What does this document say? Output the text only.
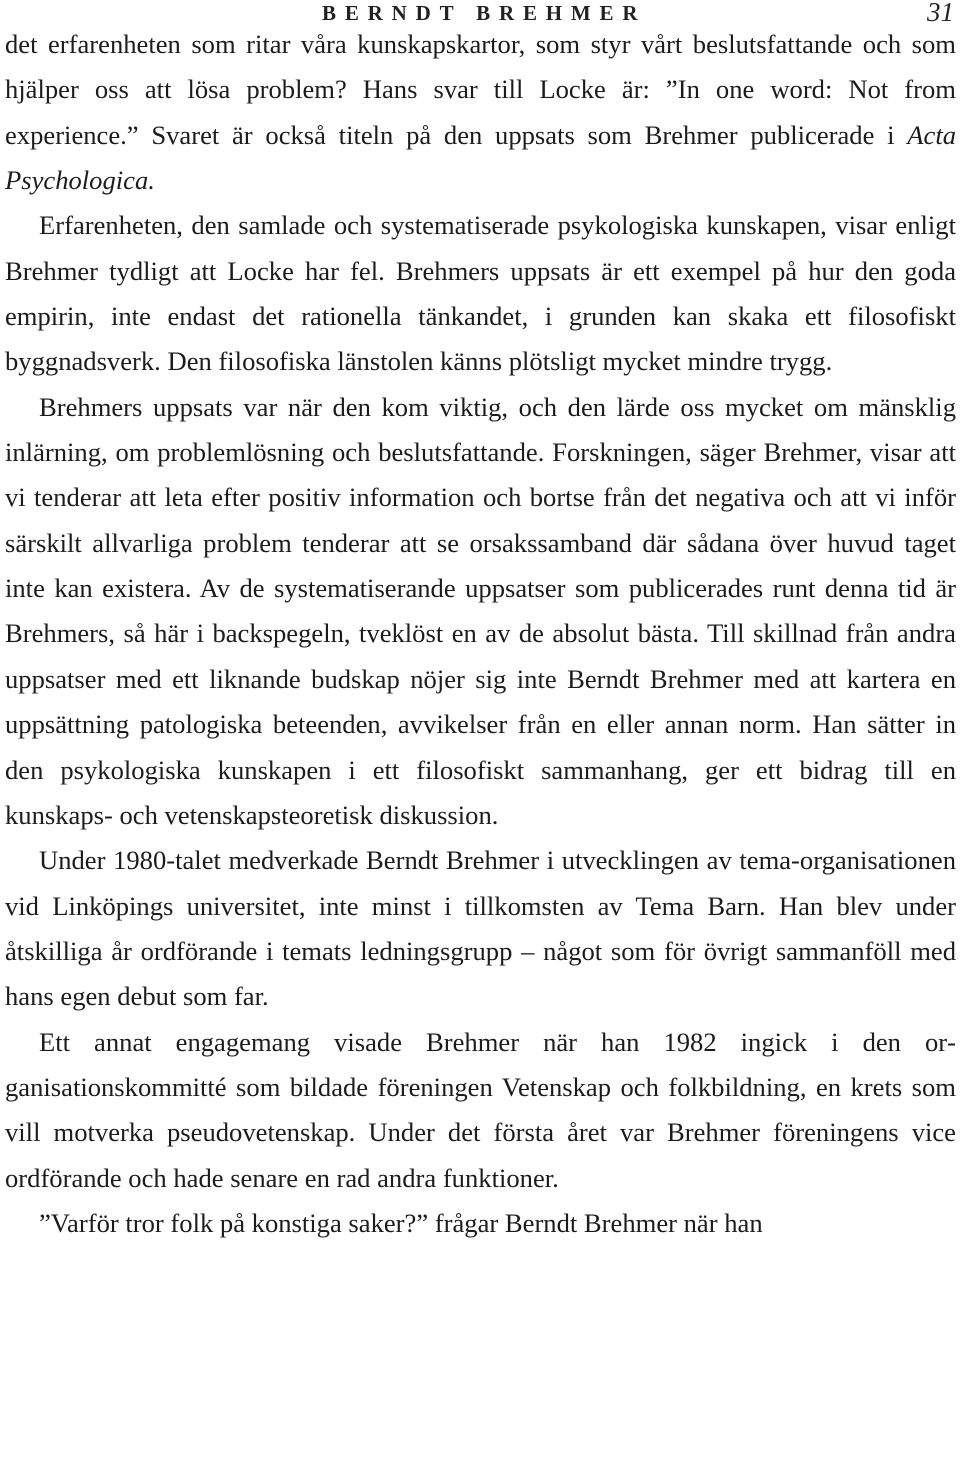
BERNDT BREHMER	31

det erfarenheten som ritar våra kunskapskartor, som styr vårt beslutsfattande och som hjälper oss att lösa problem? Hans svar till Locke är: ”In one word: Not from experience.” Svaret är också titeln på den uppsats som Brehmer publicerade i Acta Psychologica.

Erfarenheten, den samlade och systematiserade psykologiska kunskapen, visar enligt Brehmer tydligt att Locke har fel. Brehmers uppsats är ett exempel på hur den goda empirin, inte endast det rationella tänkandet, i grunden kan skaka ett filosofiskt byggnadsverk. Den filosofiska länstolen känns plötsligt mycket mindre trygg.

Brehmers uppsats var när den kom viktig, och den lärde oss mycket om mänsklig inlärning, om problemlösning och beslutsfattande. Forskningen, säger Brehmer, visar att vi tenderar att leta efter positiv information och bortse från det negativa och att vi inför särskilt allvarliga problem tenderar att se orsakssamband där sådana över huvud taget inte kan existera. Av de systematiserande uppsatser som publicerades runt denna tid är Brehmers, så här i backspegeln, tveklöst en av de absolut bästa. Till skillnad från andra uppsatser med ett liknande budskap nöjer sig inte Berndt Brehmer med att kartera en uppsättning patologiska beteenden, avvikelser från en eller annan norm. Han sätter in den psykologiska kunskapen i ett filosofiskt sammanhang, ger ett bidrag till en kunskaps- och vetenskapsteoretisk diskussion.

Under 1980-talet medverkade Berndt Brehmer i utvecklingen av tema-organisationen vid Linköpings universitet, inte minst i tillkomsten av Tema Barn. Han blev under åtskilliga år ordförande i temats ledningsgrupp – något som för övrigt sammanföll med hans egen debut som far.

Ett annat engagemang visade Brehmer när han 1982 ingick i den organisationskommitté som bildade föreningen Vetenskap och folkbildning, en krets som vill motverka pseudovetenskap. Under det första året var Brehmer föreningens vice ordförande och hade senare en rad andra funktioner.

”Varför tror folk på konstiga saker?” frågar Berndt Brehmer när han
